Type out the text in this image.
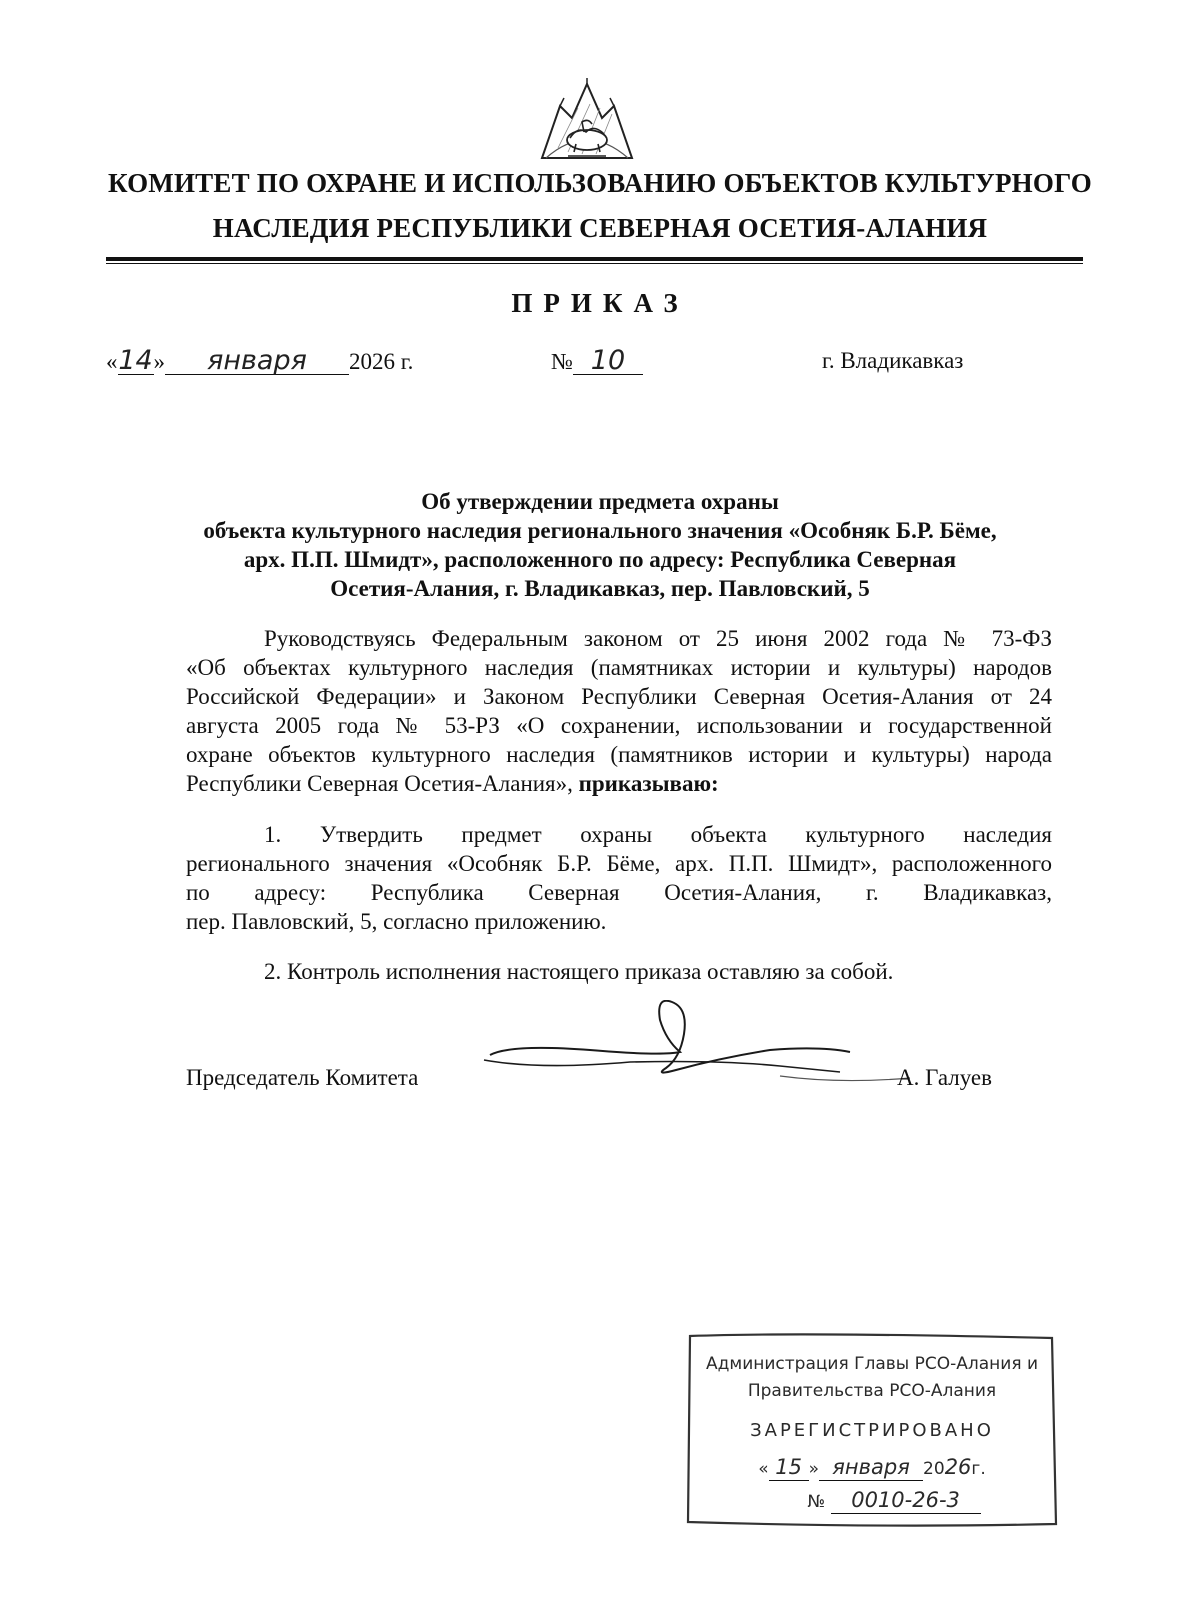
КОМИТЕТ ПО ОХРАНЕ И ИСПОЛЬЗОВАНИЮ ОБЪЕКТОВ КУЛЬТУРНОГО
НАСЛЕДИЯ РЕСПУБЛИКИ СЕВЕРНАЯ ОСЕТИЯ-АЛАНИЯ
ПРИКАЗ
«14» января 2026 г.	№ 10	г. Владикавказ
Об утверждении предмета охраны
объекта культурного наследия регионального значения «Особняк Б.Р. Бёме,
арх. П.П. Шмидт», расположенного по адресу: Республика Северная
Осетия-Алания, г. Владикавказ, пер. Павловский, 5
Руководствуясь Федеральным законом от 25 июня 2002 года № 73-ФЗ
«Об объектах культурного наследия (памятниках истории и культуры) народов
Российской Федерации» и Законом Республики Северная Осетия-Алания от 24
августа 2005 года № 53-РЗ «О сохранении, использовании и государственной
охране объектов культурного наследия (памятников истории и культуры) народа
Республики Северная Осетия-Алания», приказываю:
1. Утвердить предмет охраны объекта культурного наследия
регионального значения «Особняк Б.Р. Бёме, арх. П.П. Шмидт», расположенного
по адресу: Республика Северная Осетия-Алания, г. Владикавказ,
пер. Павловский, 5, согласно приложению.
2. Контроль исполнения настоящего приказа оставляю за собой.
Председатель Комитета	А. Галуев
Администрация Главы РСО-Алания и
Правительства РСО-Алания
ЗАРЕГИСТРИРОВАНО
« 15 » января 2026г.
№ 0010-26-3
